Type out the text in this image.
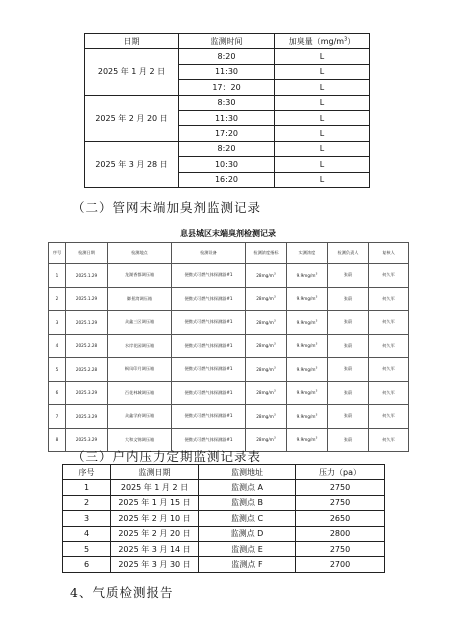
日期	监测时间	加臭量$(mg/m^3)$
2025 年 1 月 2 日	8:20	L
	11:30	L
	17：20	L
2025 年 2 月 20 日	8:30	L
	11:30	L
	17:20	L
2025 年 3 月 28 日	8:20	L
	10:30	L
	16:20	L
（二）管网末端加臭剂监测记录
息县城区末端臭剂检测记录
序号	检测日期	检测地点	检测设备	检测浓度指标	实测浓度	检测负责人	复核人
1	2025.1.29	龙湖香都调压箱	便携式可燃气体探测器#1	$28mg/m^3$	$9.9mg/m^3$	张蔚	何久军
2	2025.1.29	御景湾调压箱	便携式可燃气体探测器#1	$28mg/m^3$	$9.9mg/m^3$	张蔚	何久军
3	2025.1.29	众鑫三区调压箱	便携式可燃气体探测器#1	$28mg/m^3$	$9.9mg/m^3$	张蔚	何久军
4	2025.2.28	水岸花园调压箱	便携式可燃气体探测器#1	$28mg/m^3$	$9.9mg/m^3$	张蔚	何久军
5	2025.2.28	枫凤印月调压箱	便携式可燃气体探测器#1	$28mg/m^3$	$9.9mg/m^3$	张蔚	何久军
6	2025.3.29	百花林城调压箱	便携式可燃气体探测器#1	$28mg/m^3$	$9.9mg/m^3$	张蔚	何久军
7	2025.3.29	众鑫学府调压箱	便携式可燃气体探测器#1	$28mg/m^3$	$9.9mg/m^3$	张蔚	何久军
8	2025.3.29	大和文锦调压箱	便携式可燃气体探测器#1	$28mg/m^3$	$9.9mg/m^3$	张蔚	何久军
（三）户内压力定期监测记录表
序号	监测日期	监测地址	压力（pa）
1	2025 年 1 月 2 日	监测点 A	2750
2	2025 年 1 月 15 日	监测点 B	2750
3	2025 年 2 月 10 日	监测点 C	2650
4	2025 年 2 月 20 日	监测点 D	2800
5	2025 年 3 月 14 日	监测点 E	2750
6	2025 年 3 月 30 日	监测点 F	2700
4、气质检测报告
